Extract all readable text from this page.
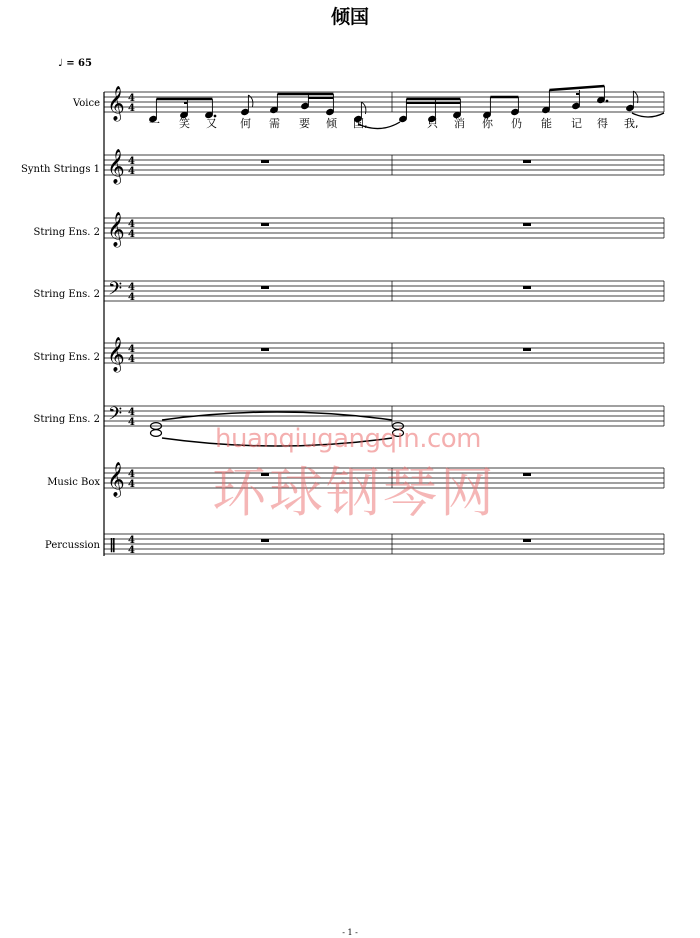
倾国
♩ = 65
Voice
Synth Strings 1
String Ens. 2
String Ens. 2
String Ens. 2
String Ens. 2
Music Box
Percussion
𝄞 4
4
𝄞 4
4
𝄞 4
4
𝄢 4
4
𝄞 4
4
𝄢 4
4
𝄞 4
4
‖ 4
4
一 笑 又 何 需 要 倾 国,	只 消 你 仍 能 记 得 我,
huanqiugangqin.com
环球钢琴网
- 1 -
